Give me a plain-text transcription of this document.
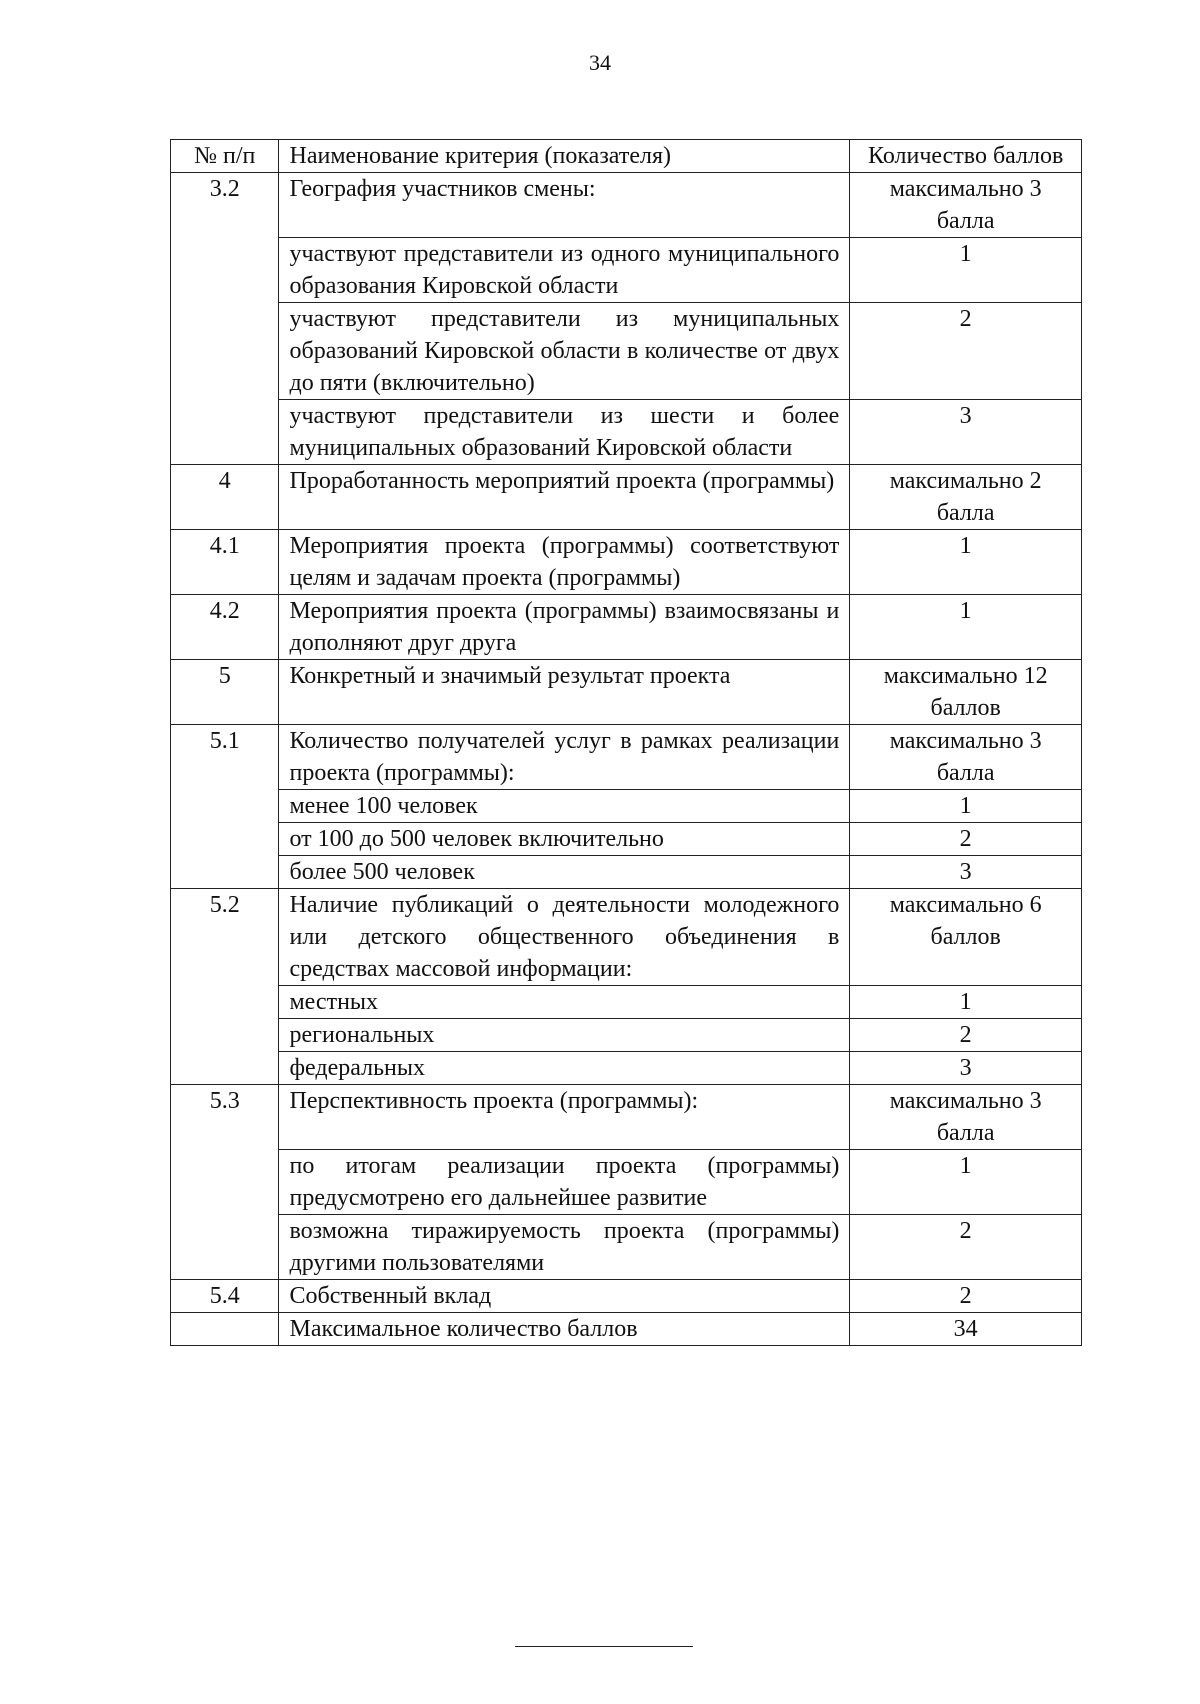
34
№ п/п	Наименование критерия (показателя)	Количество баллов
3.2	География участников смены:	максимально 3 балла
	участвуют представители из одного муниципального образования Кировской области	1
	участвуют представители из муниципальных образований Кировской области в количестве от двух до пяти (включительно)	2
	участвуют представители из шести и более муниципальных образований Кировской области	3
4	Проработанность мероприятий проекта (программы)	максимально 2 балла
4.1	Мероприятия проекта (программы) соответствуют целям и задачам проекта (программы)	1
4.2	Мероприятия проекта (программы) взаимосвязаны и дополняют друг друга	1
5	Конкретный и значимый результат проекта	максимально 12 баллов
5.1	Количество получателей услуг в рамках реализации проекта (программы):	максимально 3 балла
	менее 100 человек	1
	от 100 до 500 человек включительно	2
	более 500 человек	3
5.2	Наличие публикаций о деятельности молодежного или детского общественного объединения в средствах массовой информации:	максимально 6 баллов
	местных	1
	региональных	2
	федеральных	3
5.3	Перспективность проекта (программы):	максимально 3 балла
	по итогам реализации проекта (программы) предусмотрено его дальнейшее развитие	1
	возможна тиражируемость проекта (программы) другими пользователями	2
5.4	Собственный вклад	2
	Максимальное количество баллов	34
